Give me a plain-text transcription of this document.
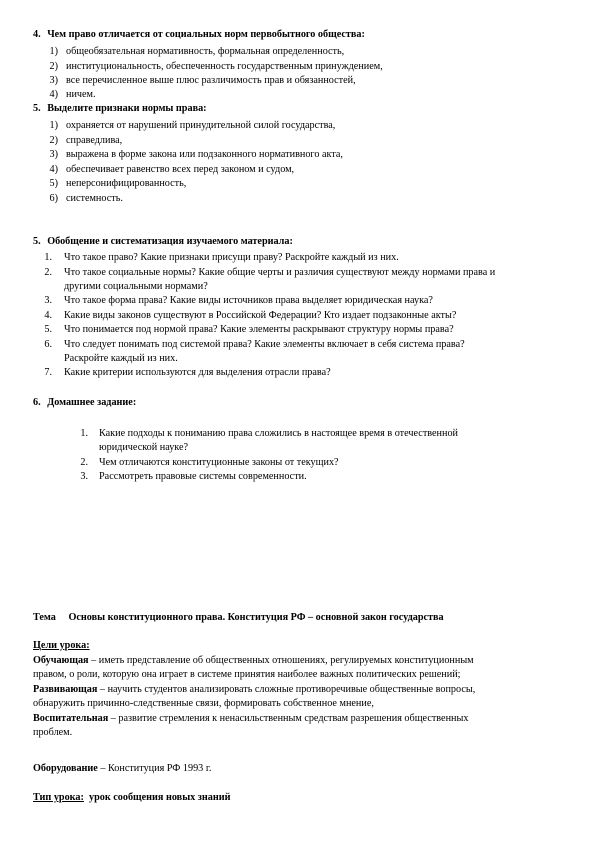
4. Чем право отличается от социальных норм первобытного общества:
1) общеобязательная нормативность, формальная определенность,
2) институциональность, обеспеченность государственным принуждением,
3) все перечисленное выше плюс различимость прав и обязанностей,
4) ничем.
5. Выделите признаки нормы права:
1) охраняется от нарушений принудительной силой государства,
2) справедлива,
3) выражена в форме закона или подзаконного нормативного акта,
4) обеспечивает равенство всех перед законом и судом,
5) неперсонифицированность,
6) системность.
5. Обобщение и систематизация изучаемого материала:
1. Что такое право? Какие признаки присущи праву? Раскройте каждый из них.
2. Что такое социальные нормы? Какие общие черты и различия существуют между нормами права и
другими социальными нормами?
3. Что такое форма права? Какие виды источников права выделяет юридическая наука?
4. Какие виды законов существуют в Российской Федерации? Кто издает подзаконные акты?
5. Что понимается под нормой права? Какие элементы раскрывают структуру нормы права?
6. Что следует понимать под системой права? Какие элементы включает в себя система права?
Раскройте каждый из них.
7. Какие критерии используются для выделения отрасли права?
6. Домашнее задание:
1. Какие подходы к пониманию права сложились в настоящее время в отечественной
юридической науке?
2. Чем отличаются конституционные законы от текущих?
3. Рассмотреть правовые системы современности.
Тема Основы конституционного права. Конституция РФ – основной закон государства
Цели урока:
Обучающая – иметь представление об общественных отношениях, регулируемых конституционным
правом, о роли, которую она играет в системе принятия наиболее важных политических решений;
Развивающая – научить студентов анализировать сложные противоречивые общественные вопросы,
обнаружить причинно-следственные связи, формировать собственное мнение,
Воспитательная – развитие стремления к ненасильственным средствам разрешения общественных
проблем.
Оборудование – Конституция РФ 1993 г.
Тип урока:  урок сообщения новых знаний
